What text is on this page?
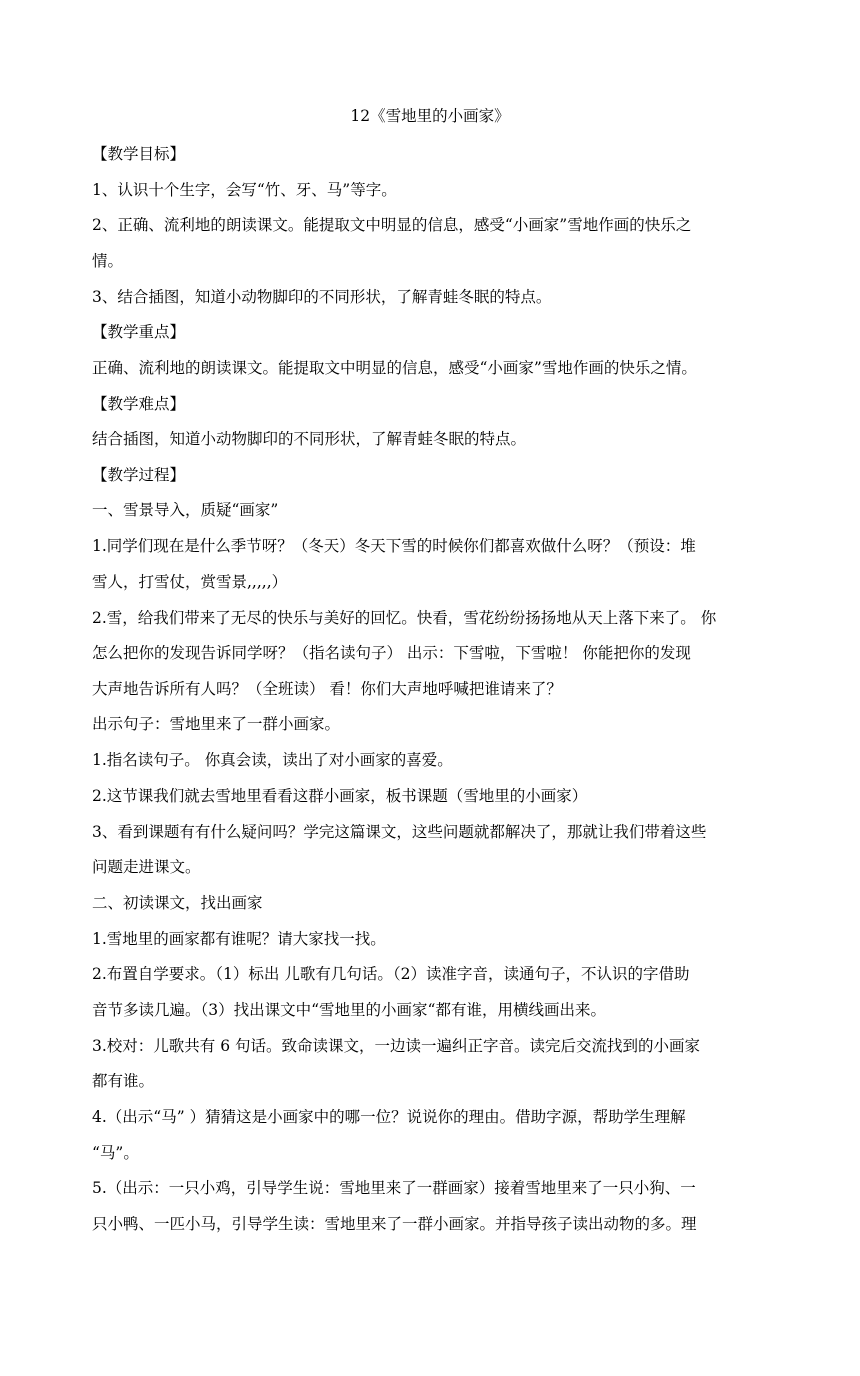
12《雪地里的小画家》
【教学目标】
1、认识十个生字，会写“竹、牙、马”等字。
2、正确、流利地的朗读课文。能提取文中明显的信息，感受“小画家”雪地作画的快乐之
情。
3、结合插图，知道小动物脚印的不同形状，了解青蛙冬眠的特点。
【教学重点】
正确、流利地的朗读课文。能提取文中明显的信息，感受“小画家”雪地作画的快乐之情。
【教学难点】
结合插图，知道小动物脚印的不同形状，了解青蛙冬眠的特点。
【教学过程】
一、雪景导入，质疑“画家”
1.同学们现在是什么季节呀？（冬天）冬天下雪的时候你们都喜欢做什么呀？（预设：堆
雪人，打雪仗，赏雪景,,,,,）
2.雪，给我们带来了无尽的快乐与美好的回忆。快看，雪花纷纷扬扬地从天上落下来了。 你
怎么把你的发现告诉同学呀？（指名读句子） 出示：下雪啦，下雪啦！ 你能把你的发现
大声地告诉所有人吗？（全班读） 看！你们大声地呼喊把谁请来了？
出示句子：雪地里来了一群小画家。
1.指名读句子。 你真会读，读出了对小画家的喜爱。
2.这节课我们就去雪地里看看这群小画家，板书课题（雪地里的小画家）
3、看到课题有有什么疑问吗？学完这篇课文，这些问题就都解决了，那就让我们带着这些
问题走进课文。
二、初读课文，找出画家
1.雪地里的画家都有谁呢？请大家找一找。
2.布置自学要求。（1）标出 儿歌有几句话。（2）读准字音，读通句子，不认识的字借助
音节多读几遍。（3）找出课文中“雪地里的小画家“都有谁，用横线画出来。
3.校对：儿歌共有 6 句话。致命读课文，一边读一遍纠正字音。读完后交流找到的小画家
都有谁。
4.（出示“马” ）猜猜这是小画家中的哪一位？说说你的理由。借助字源，帮助学生理解
“马”。
5.（出示：一只小鸡，引导学生说：雪地里来了一群画家）接着雪地里来了一只小狗、一
只小鸭、一匹小马，引导学生读：雪地里来了一群小画家。并指导孩子读出动物的多。理
